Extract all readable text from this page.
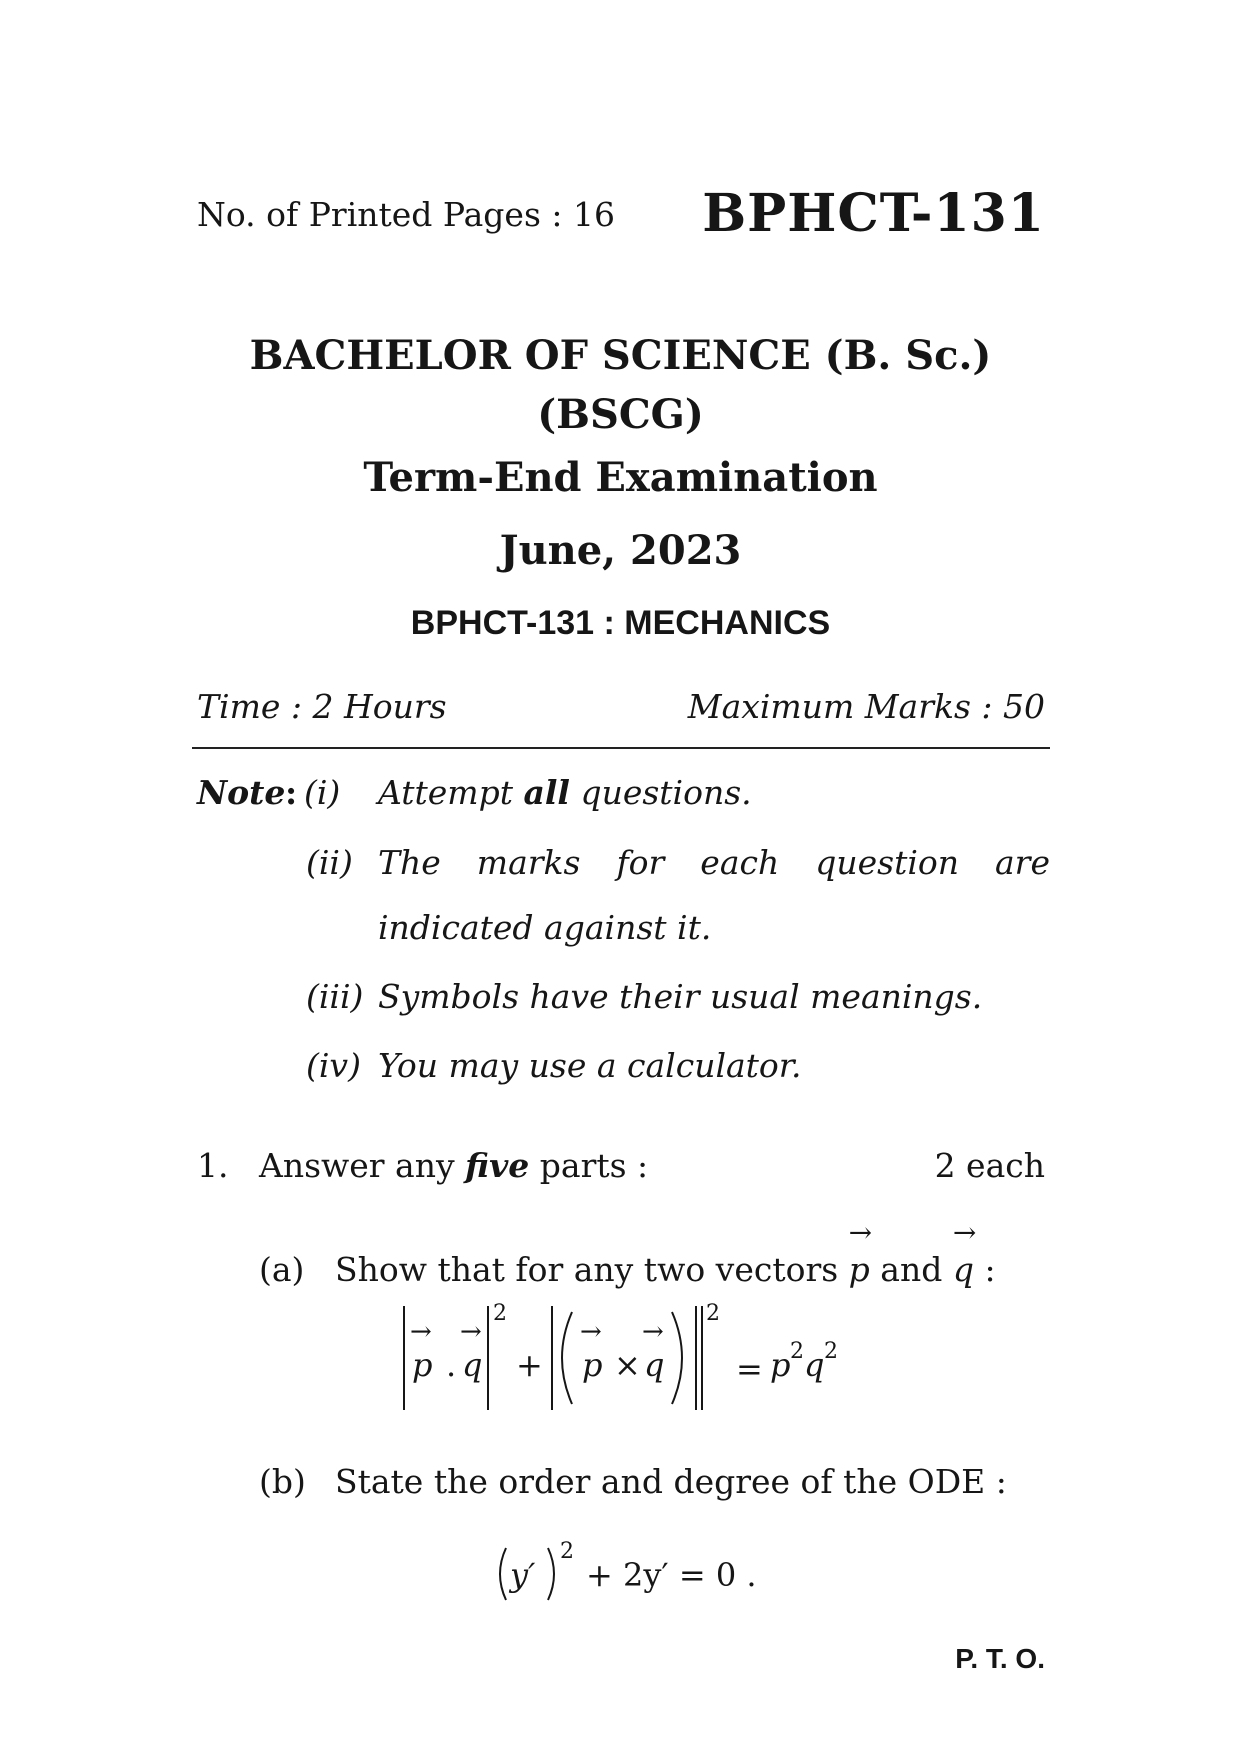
No. of Printed Pages : 16 BPHCT-131
BACHELOR OF SCIENCE (B. Sc.)
(BSCG)
Term-End Examination
June, 2023
BPHCT-131 : MECHANICS
Time : 2 Hours	Maximum Marks : 50
Note : (i) Attempt all questions.
(ii) The marks for each question are
indicated against it.
(iii) Symbols have their usual meanings.
(iv) You may use a calculator.
1. Answer any five parts :	2 each
(a) Show that for any two vectors
→
p and
→
q :
→
p .
→
q
2
+
→
p ×
→
q
2
= p 2 q 2
(b) State the order and degree of the ODE :
y′
2
+ 2y′ = 0 .
P. T. O.
